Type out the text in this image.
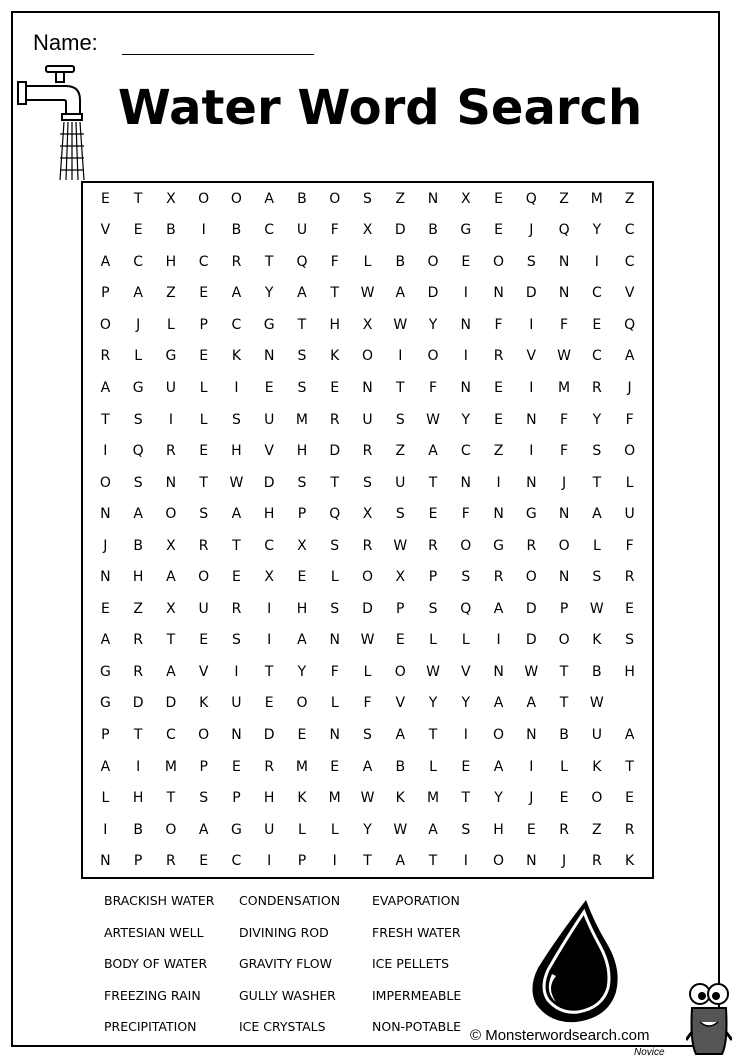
Name:
Water Word Search
E	T	X	O	O	A	B	O	S	Z	N	X	E	Q	Z	M	Z
V	E	B	I	B	C	U	F	X	D	B	G	E	J	Q	Y	C
A	C	H	C	R	T	Q	F	L	B	O	E	O	S	N	I	C
P	A	Z	E	A	Y	A	T	W	A	D	I	N	D	N	C	V
O	J	L	P	C	G	T	H	X	W	Y	N	F	I	F	E	Q
R	L	G	E	K	N	S	K	O	I	O	I	R	V	W	C	A
A	G	U	L	I	E	S	E	N	T	F	N	E	I	M	R	J
T	S	I	L	S	U	M	R	U	S	W	Y	E	N	F	Y	F
I	Q	R	E	H	V	H	D	R	Z	A	C	Z	I	F	S	O
O	S	N	T	W	D	S	T	S	U	T	N	I	N	J	T	L
N	A	O	S	A	H	P	Q	X	S	E	F	N	G	N	A	U
J	B	X	R	T	C	X	S	R	W	R	O	G	R	O	L	F
N	H	A	O	E	X	E	L	O	X	P	S	R	O	N	S	R
E	Z	X	U	R	I	H	S	D	P	S	Q	A	D	P	W	E
A	R	T	E	S	I	A	N	W	E	L	L	I	D	O	K	S
G	R	A	V	I	T	Y	F	L	O	W	V	N	W	T	B	H
G	D	D	K	U	E	O	L	F	V	Y	Y	A	A	T	W
P	T	C	O	N	D	E	N	S	A	T	I	O	N	B	U	A
A	I	M	P	E	R	M	E	A	B	L	E	A	I	L	K	T
L	H	T	S	P	H	K	M	W	K	M	T	Y	J	E	O	E
I	B	O	A	G	U	L	L	Y	W	A	S	H	E	R	Z	R
N	P	R	E	C	I	P	I	T	A	T	I	O	N	J	R	K
BRACKISH WATER	CONDENSATION	EVAPORATION
ARTESIAN WELL	DIVINING ROD	FRESH WATER
BODY OF WATER	GRAVITY FLOW	ICE PELLETS
FREEZING RAIN	GULLY WASHER	IMPERMEABLE
PRECIPITATION	ICE CRYSTALS	NON-POTABLE
© Monsterwordsearch.com
Novice
